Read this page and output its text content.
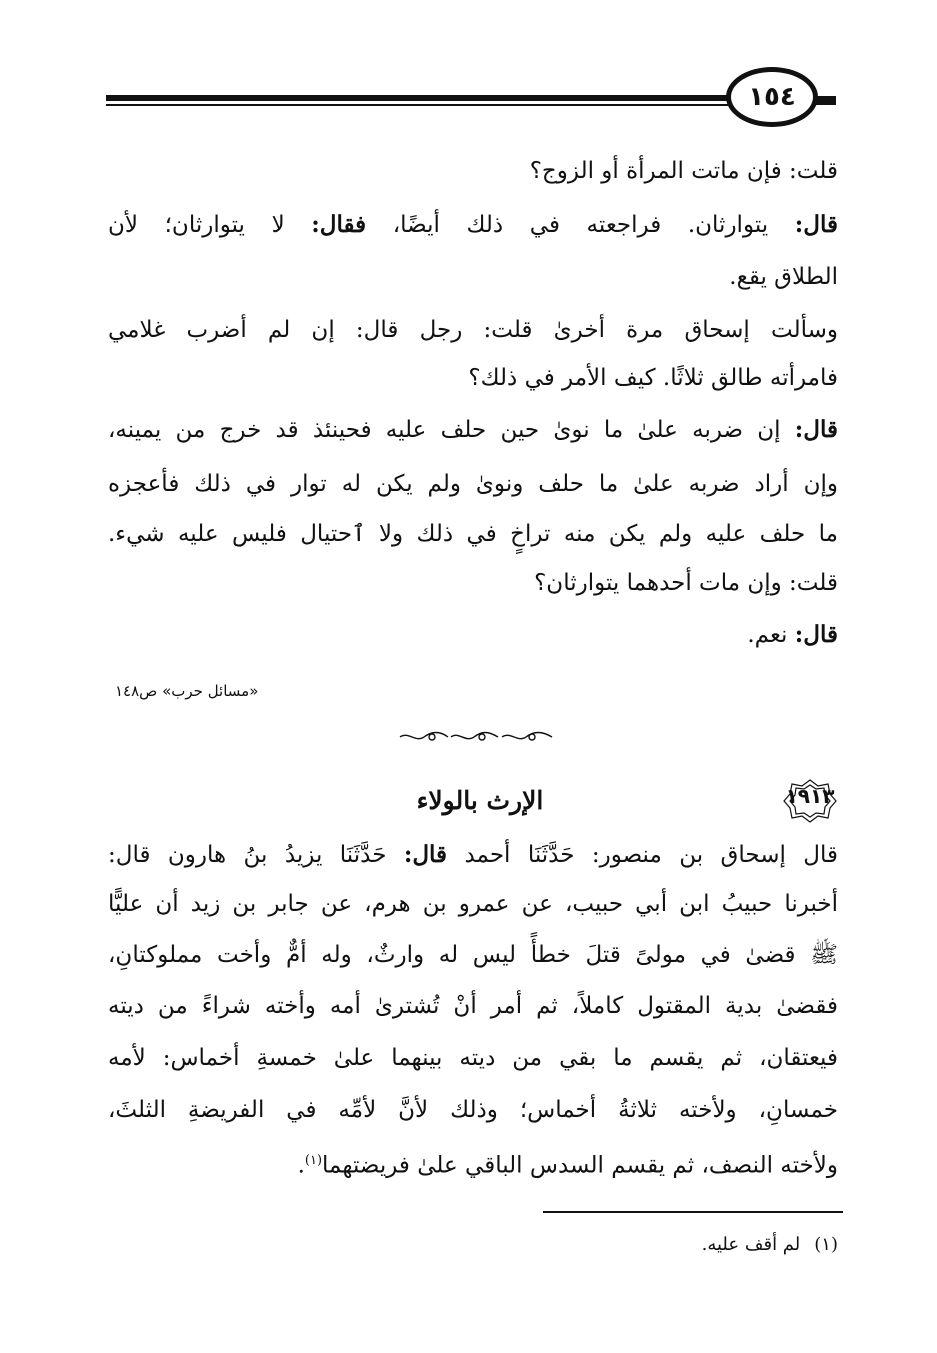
١٥٤
قلت: فإن ماتت المرأة أو الزوج؟
قال: يتوارثان. فراجعته في ذلك أيضًا، فقال: لا يتوارثان؛ لأن
الطلاق يقع.
وسألت إسحاق مرة أخرىٰ قلت: رجل قال: إن لم أضرب غلامي
فامرأته طالق ثلاثًا. كيف الأمر في ذلك؟
قال: إن ضربه علىٰ ما نوىٰ حين حلف عليه فحينئذ قد خرج من يمينه،
وإن أراد ضربه علىٰ ما حلف ونوىٰ ولم يكن له توار في ذلك فأعجزه
ما حلف عليه ولم يكن منه تراخٍ في ذلك ولا ٱحتيال فليس عليه شيء.
قلت: وإن مات أحدهما يتوارثان؟
قال: نعم.
«مسائل حرب» ص١٤٨
١٩١٣
الإرث بالولاء
قال إسحاق بن منصور: حَدَّثَنَا أحمد قال: حَدَّثَنَا يزيدُ بنُ هارون قال:
أخبرنا حبيبُ ابن أبي حبيب، عن عمرو بن هرم، عن جابر بن زيد أن عليًّا
ﷺ قضىٰ في مولىً قتلَ خطأً ليس له وارثٌ، وله أمٌّ وأخت مملوكتانِ،
فقضىٰ بدية المقتول كاملاً، ثم أمر أنْ تُشترىٰ أمه وأخته شراءً من ديته
فيعتقان، ثم يقسم ما بقي من ديته بينهما علىٰ خمسةِ أخماس: لأمه
خمسانِ، ولأخته ثلاثةُ أخماس؛ وذلك لأنَّ لأمِّه في الفريضةِ الثلثَ،
ولأخته النصف، ثم يقسم السدس الباقي علىٰ فريضتهما$^{(١)}$.
(١)لم أقف عليه.
